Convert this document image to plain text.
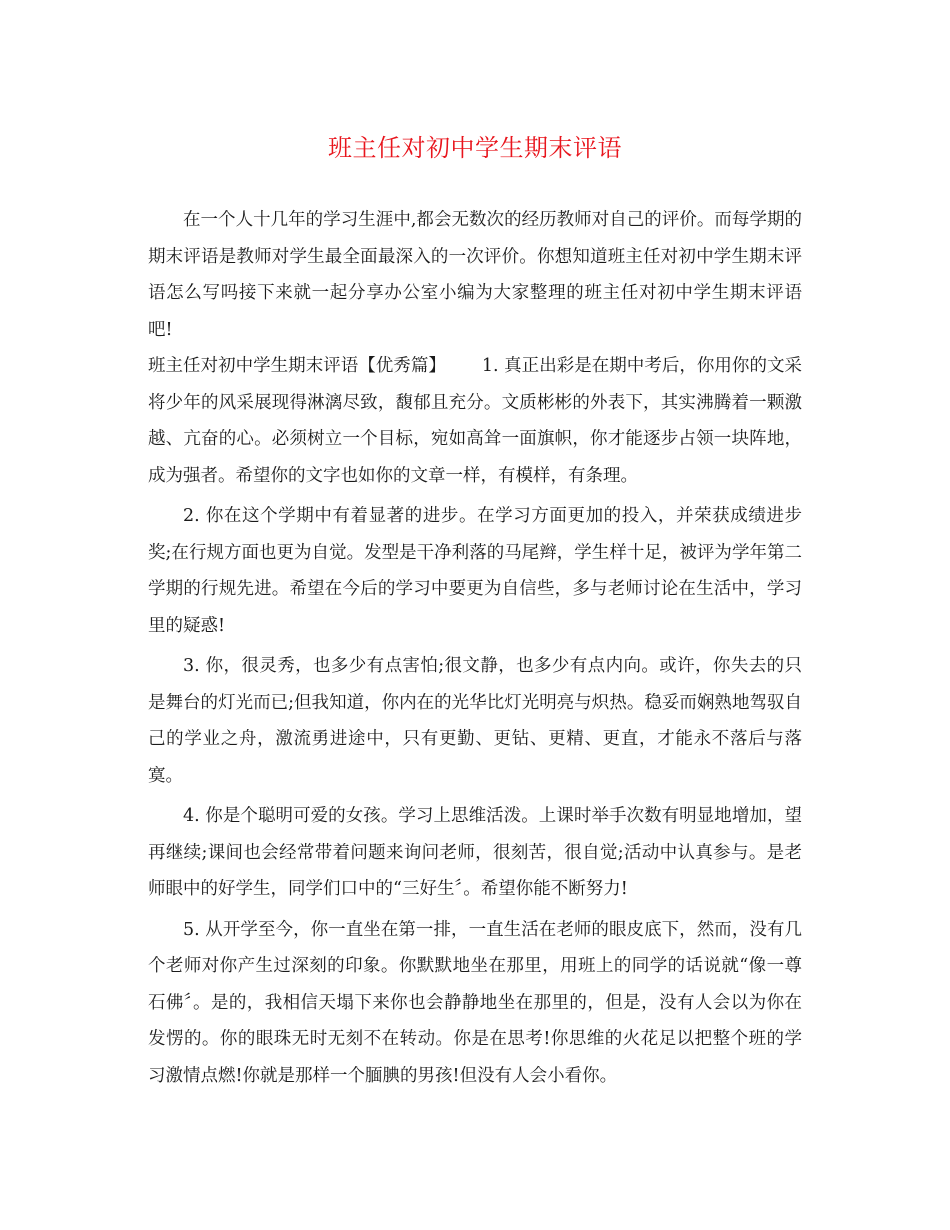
班主任对初中学生期末评语

在一个人十几年的学习生涯中,都会无数次的经历教师对自己的评价。而每学期的期末评语是教师对学生最全面最深入的一次评价。你想知道班主任对初中学生期末评语怎么写吗接下来就一起分享办公室小编为大家整理的班主任对初中学生期末评语吧!

班主任对初中学生期末评语【优秀篇】 1. 真正出彩是在期中考后，你用你的文采将少年的风采展现得淋漓尽致，馥郁且充分。文质彬彬的外表下，其实沸腾着一颗激越、亢奋的心。必须树立一个目标，宛如高耸一面旗帜，你才能逐步占领一块阵地，成为强者。希望你的文字也如你的文章一样，有模样，有条理。

2. 你在这个学期中有着显著的进步。在学习方面更加的投入，并荣获成绩进步奖;在行规方面也更为自觉。发型是干净利落的马尾辫，学生样十足，被评为学年第二学期的行规先进。希望在今后的学习中要更为自信些，多与老师讨论在生活中，学习里的疑惑!

3. 你，很灵秀，也多少有点害怕;很文静，也多少有点内向。或许，你失去的只是舞台的灯光而已;但我知道，你内在的光华比灯光明亮与炽热。稳妥而娴熟地驾驭自己的学业之舟，激流勇进途中，只有更勤、更钻、更精、更直，才能永不落后与落寞。

4. 你是个聪明可爱的女孩。学习上思维活泼。上课时举手次数有明显地增加，望再继续;课间也会经常带着问题来询问老师，很刻苦，很自觉;活动中认真参与。是老师眼中的好学生，同学们口中的“三好生〞。希望你能不断努力!

5. 从开学至今，你一直坐在第一排，一直生活在老师的眼皮底下，然而，没有几个老师对你产生过深刻的印象。你默默地坐在那里，用班上的同学的话说就“像一尊石佛〞。是的，我相信天塌下来你也会静静地坐在那里的，但是，没有人会以为你在发愣的。你的眼珠无时无刻不在转动。你是在思考!你思维的火花足以把整个班的学习激情点燃!你就是那样一个腼腆的男孩!但没有人会小看你。
